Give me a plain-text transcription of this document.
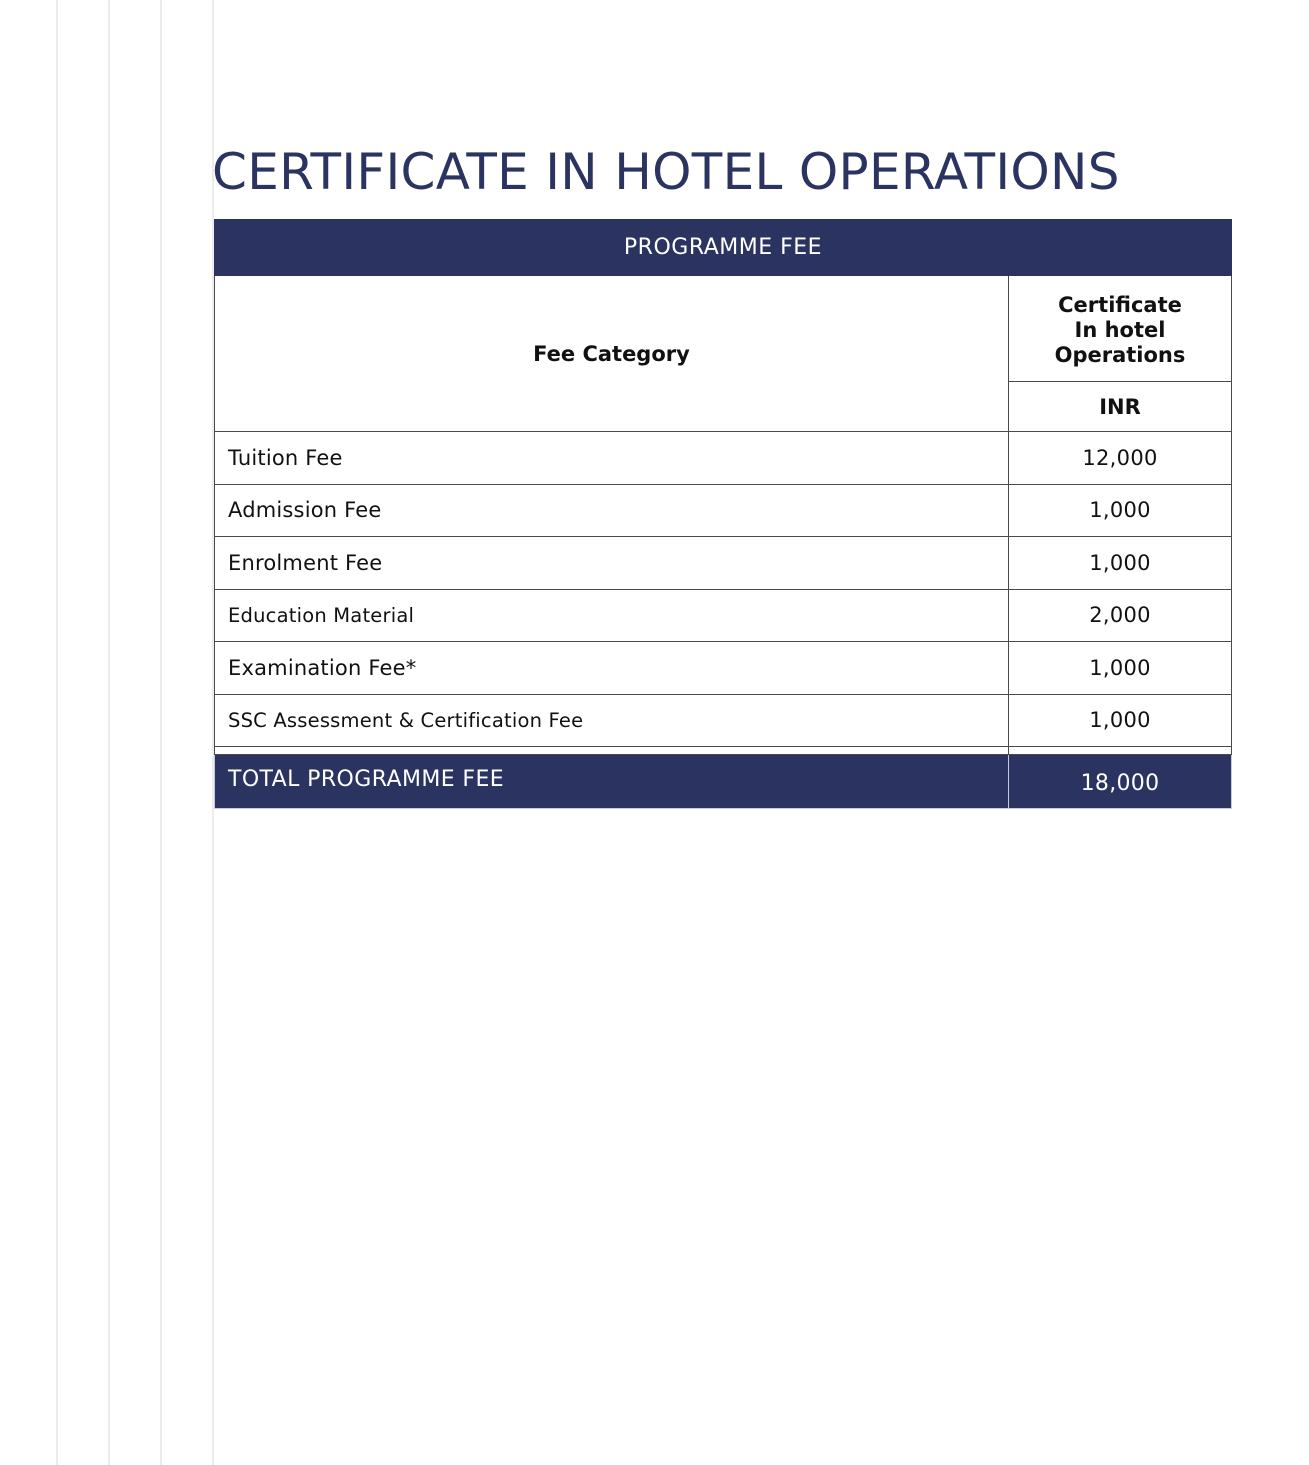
CERTIFICATE IN HOTEL OPERATIONS
PROGRAMME FEE	
Fee Category	Certificate
In hotel
Operations
	INR
Tuition Fee	12,000
Admission Fee	1,000
Enrolment Fee	1,000
Education Material	2,000
Examination Fee*	1,000
SSC Assessment & Certification Fee	1,000

TOTAL PROGRAMME FEE	18,000
